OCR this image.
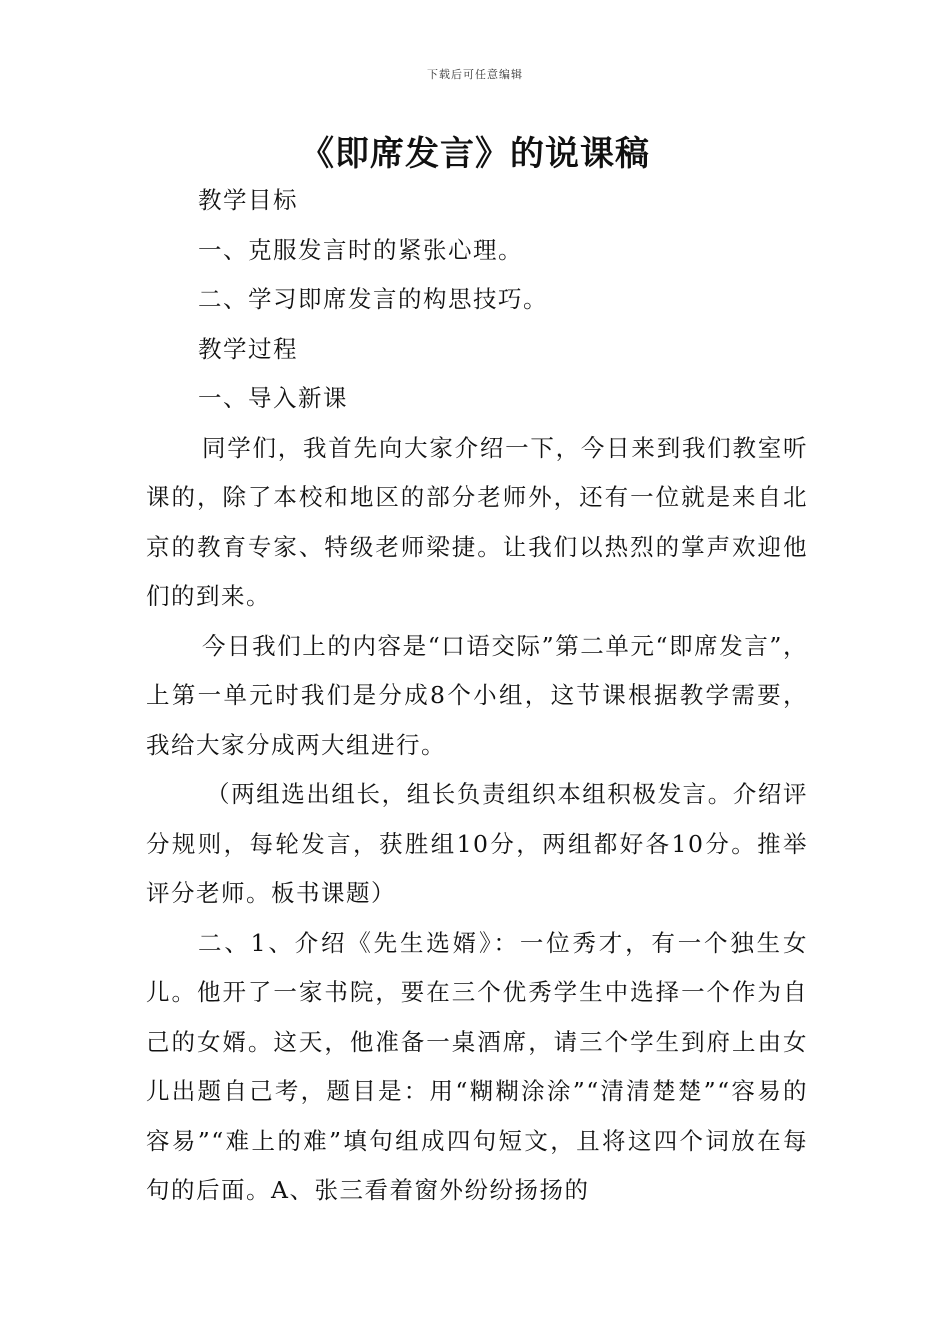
下载后可任意编辑
《即席发言》的说课稿

教学目标

一、克服发言时的紧张心理。

二、学习即席发言的构思技巧。

教学过程

一、导入新课

同学们，我首先向大家介绍一下，今日来到我们教室听课的，除了本校和地区的部分老师外，还有一位就是来自北京的教育专家、特级老师梁捷。让我们以热烈的掌声欢迎他们的到来。

今日我们上的内容是“口语交际”第二单元“即席发言”，上第一单元时我们是分成8个小组，这节课根据教学需要，我给大家分成两大组进行。

（两组选出组长，组长负责组织本组积极发言。介绍评分规则，每轮发言，获胜组10分，两组都好各10分。推举评分老师。板书课题）

二、1、介绍《先生选婿》：一位秀才，有一个独生女儿。他开了一家书院，要在三个优秀学生中选择一个作为自己的女婿。这天，他准备一桌酒席，请三个学生到府上由女儿出题自己考，题目是：用“糊糊涂涂”“清清楚楚”“容易的容易”“难上的难”填句组成四句短文，且将这四个词放在每句的后面。A、张三看着窗外纷纷扬扬的
